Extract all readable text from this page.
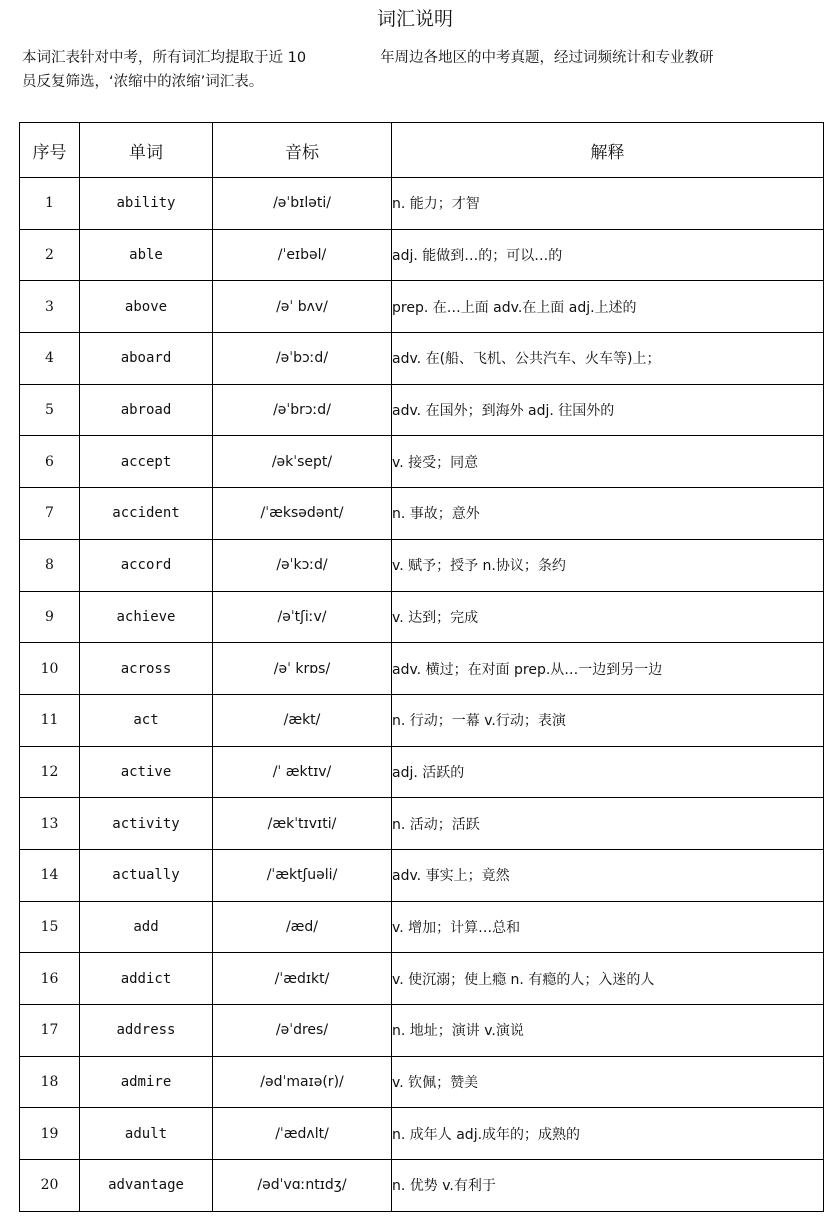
词汇说明
本词汇表针对中考，所有词汇均提取于近 10	年周边各地区的中考真题，经过词频统计和专业教研
员反复筛选，‘浓缩中的浓缩’词汇表。
序号	单词	音标	解释
1	ability	/əˈbɪləti/	n. 能力；才智
2	able	/ˈeɪbəl/	adj. 能做到…的；可以…的
3	above	/əˈ bʌv/	prep. 在…上面 adv.在上面 adj.上述的
4	aboard	/əˈbɔːd/	adv. 在(船、飞机、公共汽车、火车等)上；
5	abroad	/əˈbrɔːd/	adv. 在国外；到海外 adj. 往国外的
6	accept	/əkˈsept/	v. 接受；同意
7	accident	/ˈæksədənt/	n. 事故；意外
8	accord	/əˈkɔːd/	v. 赋予；授予 n.协议；条约
9	achieve	/əˈtʃiːv/	v. 达到；完成
10	across	/əˈ krɒs/	adv. 横过；在对面 prep.从…一边到另一边
11	act	/ækt/	n. 行动；一幕 v.行动；表演
12	active	/ˈ æktɪv/	adj. 活跃的
13	activity	/ækˈtɪvɪti/	n. 活动；活跃
14	actually	/ˈæktʃuəli/	adv. 事实上；竟然
15	add	/æd/	v. 增加；计算…总和
16	addict	/ˈædɪkt/	v. 使沉溺；使上瘾 n. 有瘾的人；入迷的人
17	address	/əˈdres/	n. 地址；演讲 v.演说
18	admire	/ədˈmaɪə(r)/	v. 钦佩；赞美
19	adult	/ˈædʌlt/	n. 成年人 adj.成年的；成熟的
20	advantage	/ədˈvɑːntɪdʒ/	n. 优势 v.有利于
